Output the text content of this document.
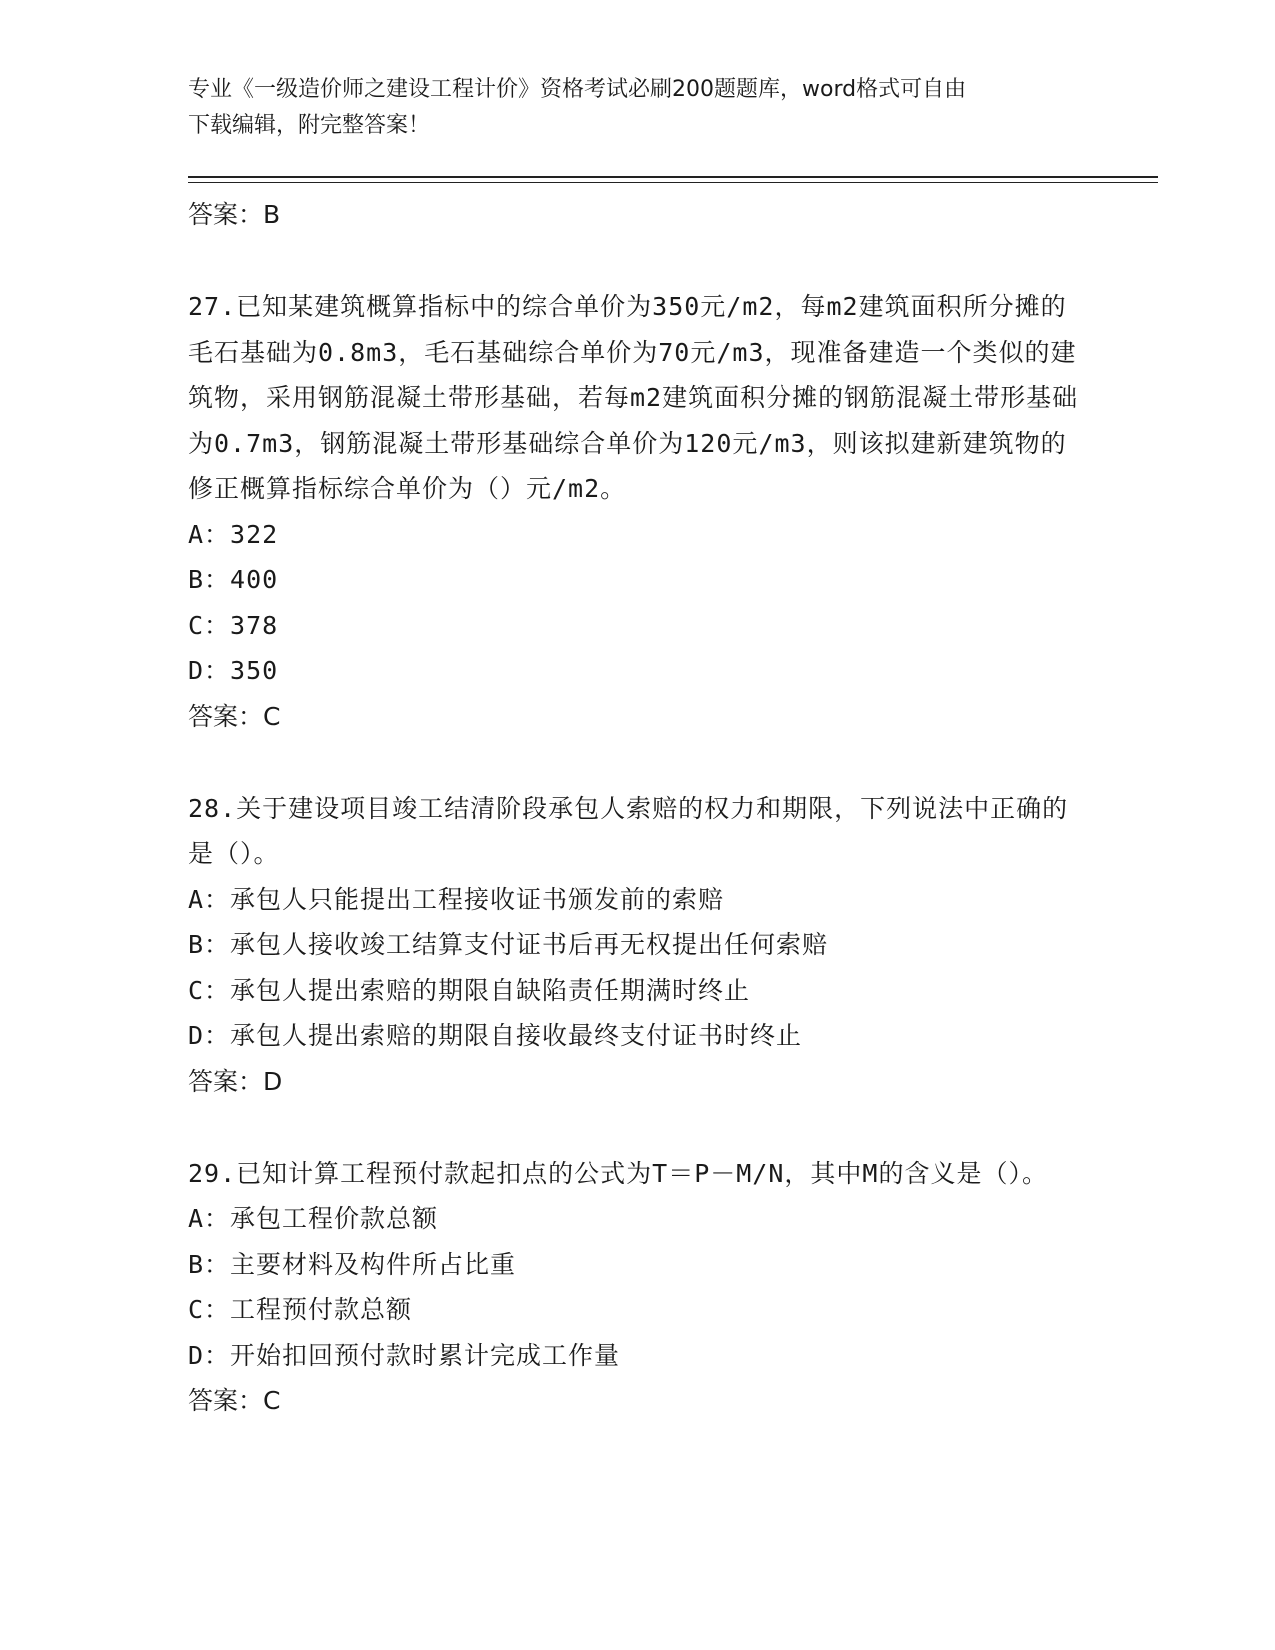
专业《一级造价师之建设工程计价》资格考试必刷200题题库，word格式可自由
下载编辑，附完整答案！
答案：B
27.已知某建筑概算指标中的综合单价为350元/m2，每m2建筑面积所分摊的毛石基础为0.8m3，毛石基础综合单价为70元/m3，现准备建造一个类似的建筑物，采用钢筋混凝土带形基础，若每m2建筑面积分摊的钢筋混凝土带形基础为0.7m3，钢筋混凝土带形基础综合单价为120元/m3，则该拟建新建筑物的修正概算指标综合单价为（）元/m2。
A：322
B：400
C：378
D：350
答案：C
28.关于建设项目竣工结清阶段承包人索赔的权力和期限，下列说法中正确的是（）。
A：承包人只能提出工程接收证书颁发前的索赔
B：承包人接收竣工结算支付证书后再无权提出任何索赔
C：承包人提出索赔的期限自缺陷责任期满时终止
D：承包人提出索赔的期限自接收最终支付证书时终止
答案：D
29.已知计算工程预付款起扣点的公式为T＝P－M/N，其中M的含义是（）。
A：承包工程价款总额
B：主要材料及构件所占比重
C：工程预付款总额
D：开始扣回预付款时累计完成工作量
答案：C
